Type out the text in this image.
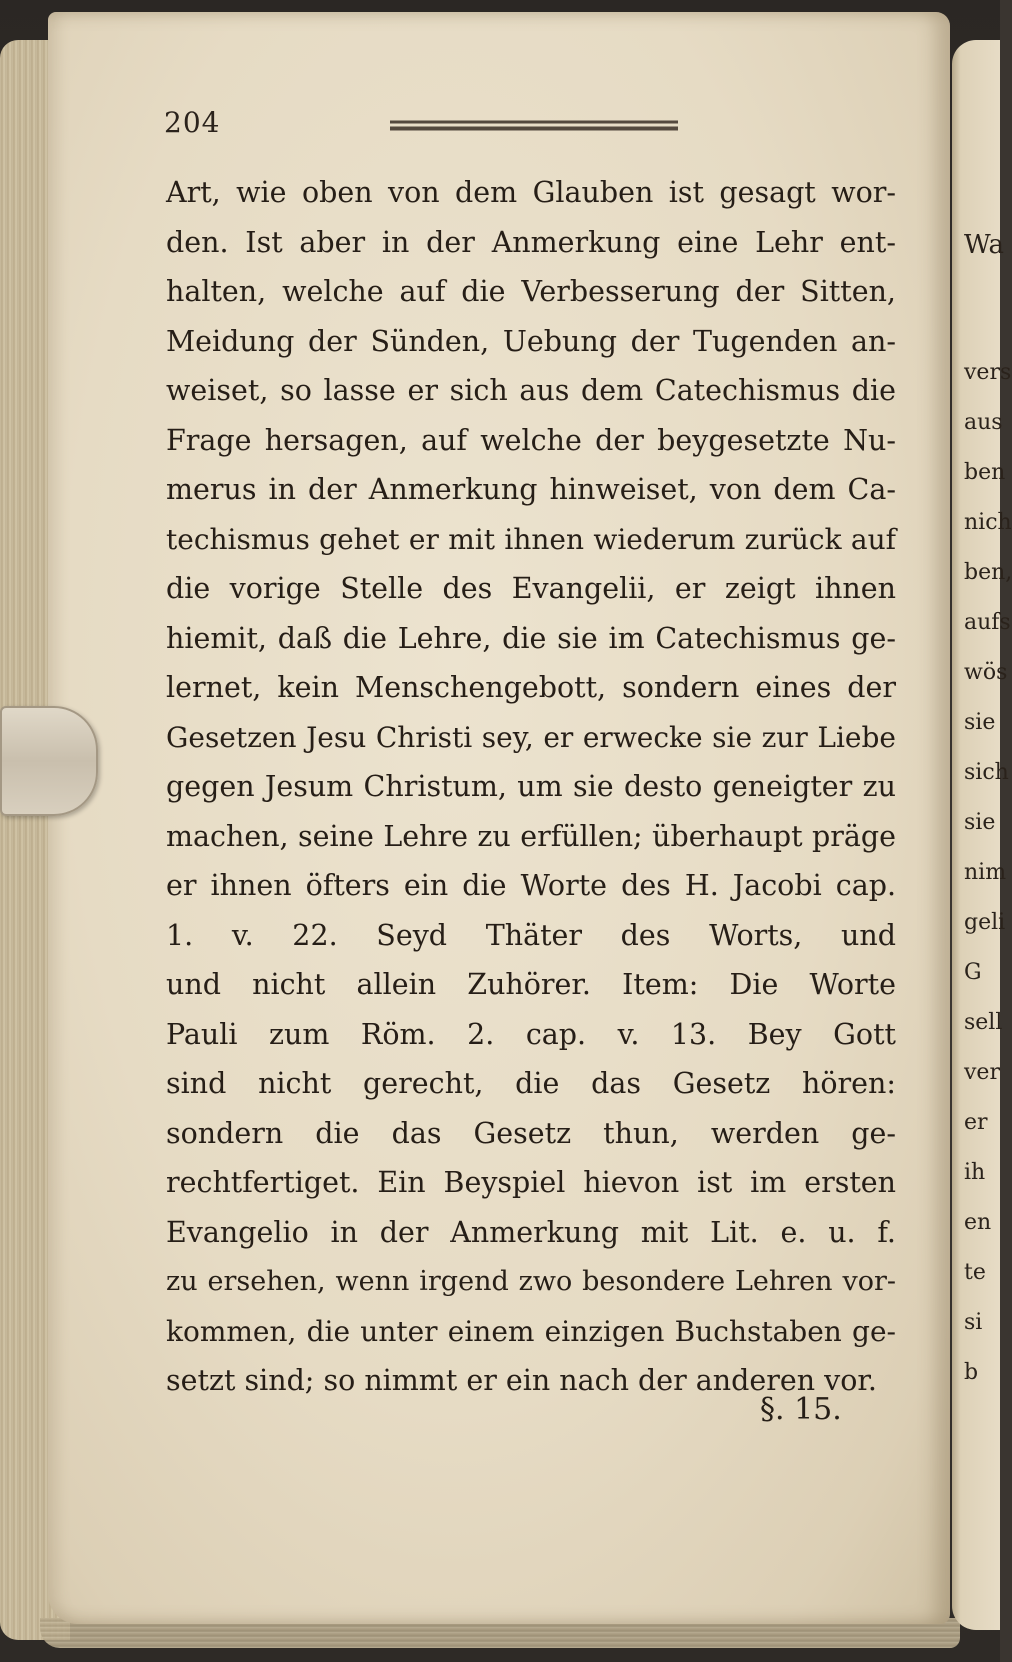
Wa
vers
aus
ben
nich
ben,
aufs
wös
sie
sich
sie
nim
geli
G
sell
ver
er
ih
en
te
si
b
204
Art, wie oben von dem Glauben ist gesagt wor-
den. Ist aber in der Anmerkung eine Lehr ent-
halten, welche auf die Verbesserung der Sitten,
Meidung der Sünden, Uebung der Tugenden an-
weiset, so lasse er sich aus dem Catechismus die
Frage hersagen, auf welche der beygesetzte Nu-
merus in der Anmerkung hinweiset, von dem Ca-
techismus gehet er mit ihnen wiederum zurück auf
die vorige Stelle des Evangelii, er zeigt ihnen
hiemit, daß die Lehre, die sie im Catechismus ge-
lernet, kein Menschengebott, sondern eines der
Gesetzen Jesu Christi sey, er erwecke sie zur Liebe
gegen Jesum Christum, um sie desto geneigter zu
machen, seine Lehre zu erfüllen; überhaupt präge
er ihnen öfters ein die Worte des H. Jacobi cap.
1. v. 22. Seyd Thäter des Worts, und
und nicht allein Zuhörer. Item: Die Worte
Pauli zum Röm. 2. cap. v. 13. Bey Gott
sind nicht gerecht, die das Gesetz hören:
sondern die das Gesetz thun, werden ge-
rechtfertiget. Ein Beyspiel hievon ist im ersten
Evangelio in der Anmerkung mit Lit. e. u. f.
zu ersehen, wenn irgend zwo besondere Lehren vor-
kommen, die unter einem einzigen Buchstaben ge-
setzt sind; so nimmt er ein nach der anderen vor.
§. 15.
